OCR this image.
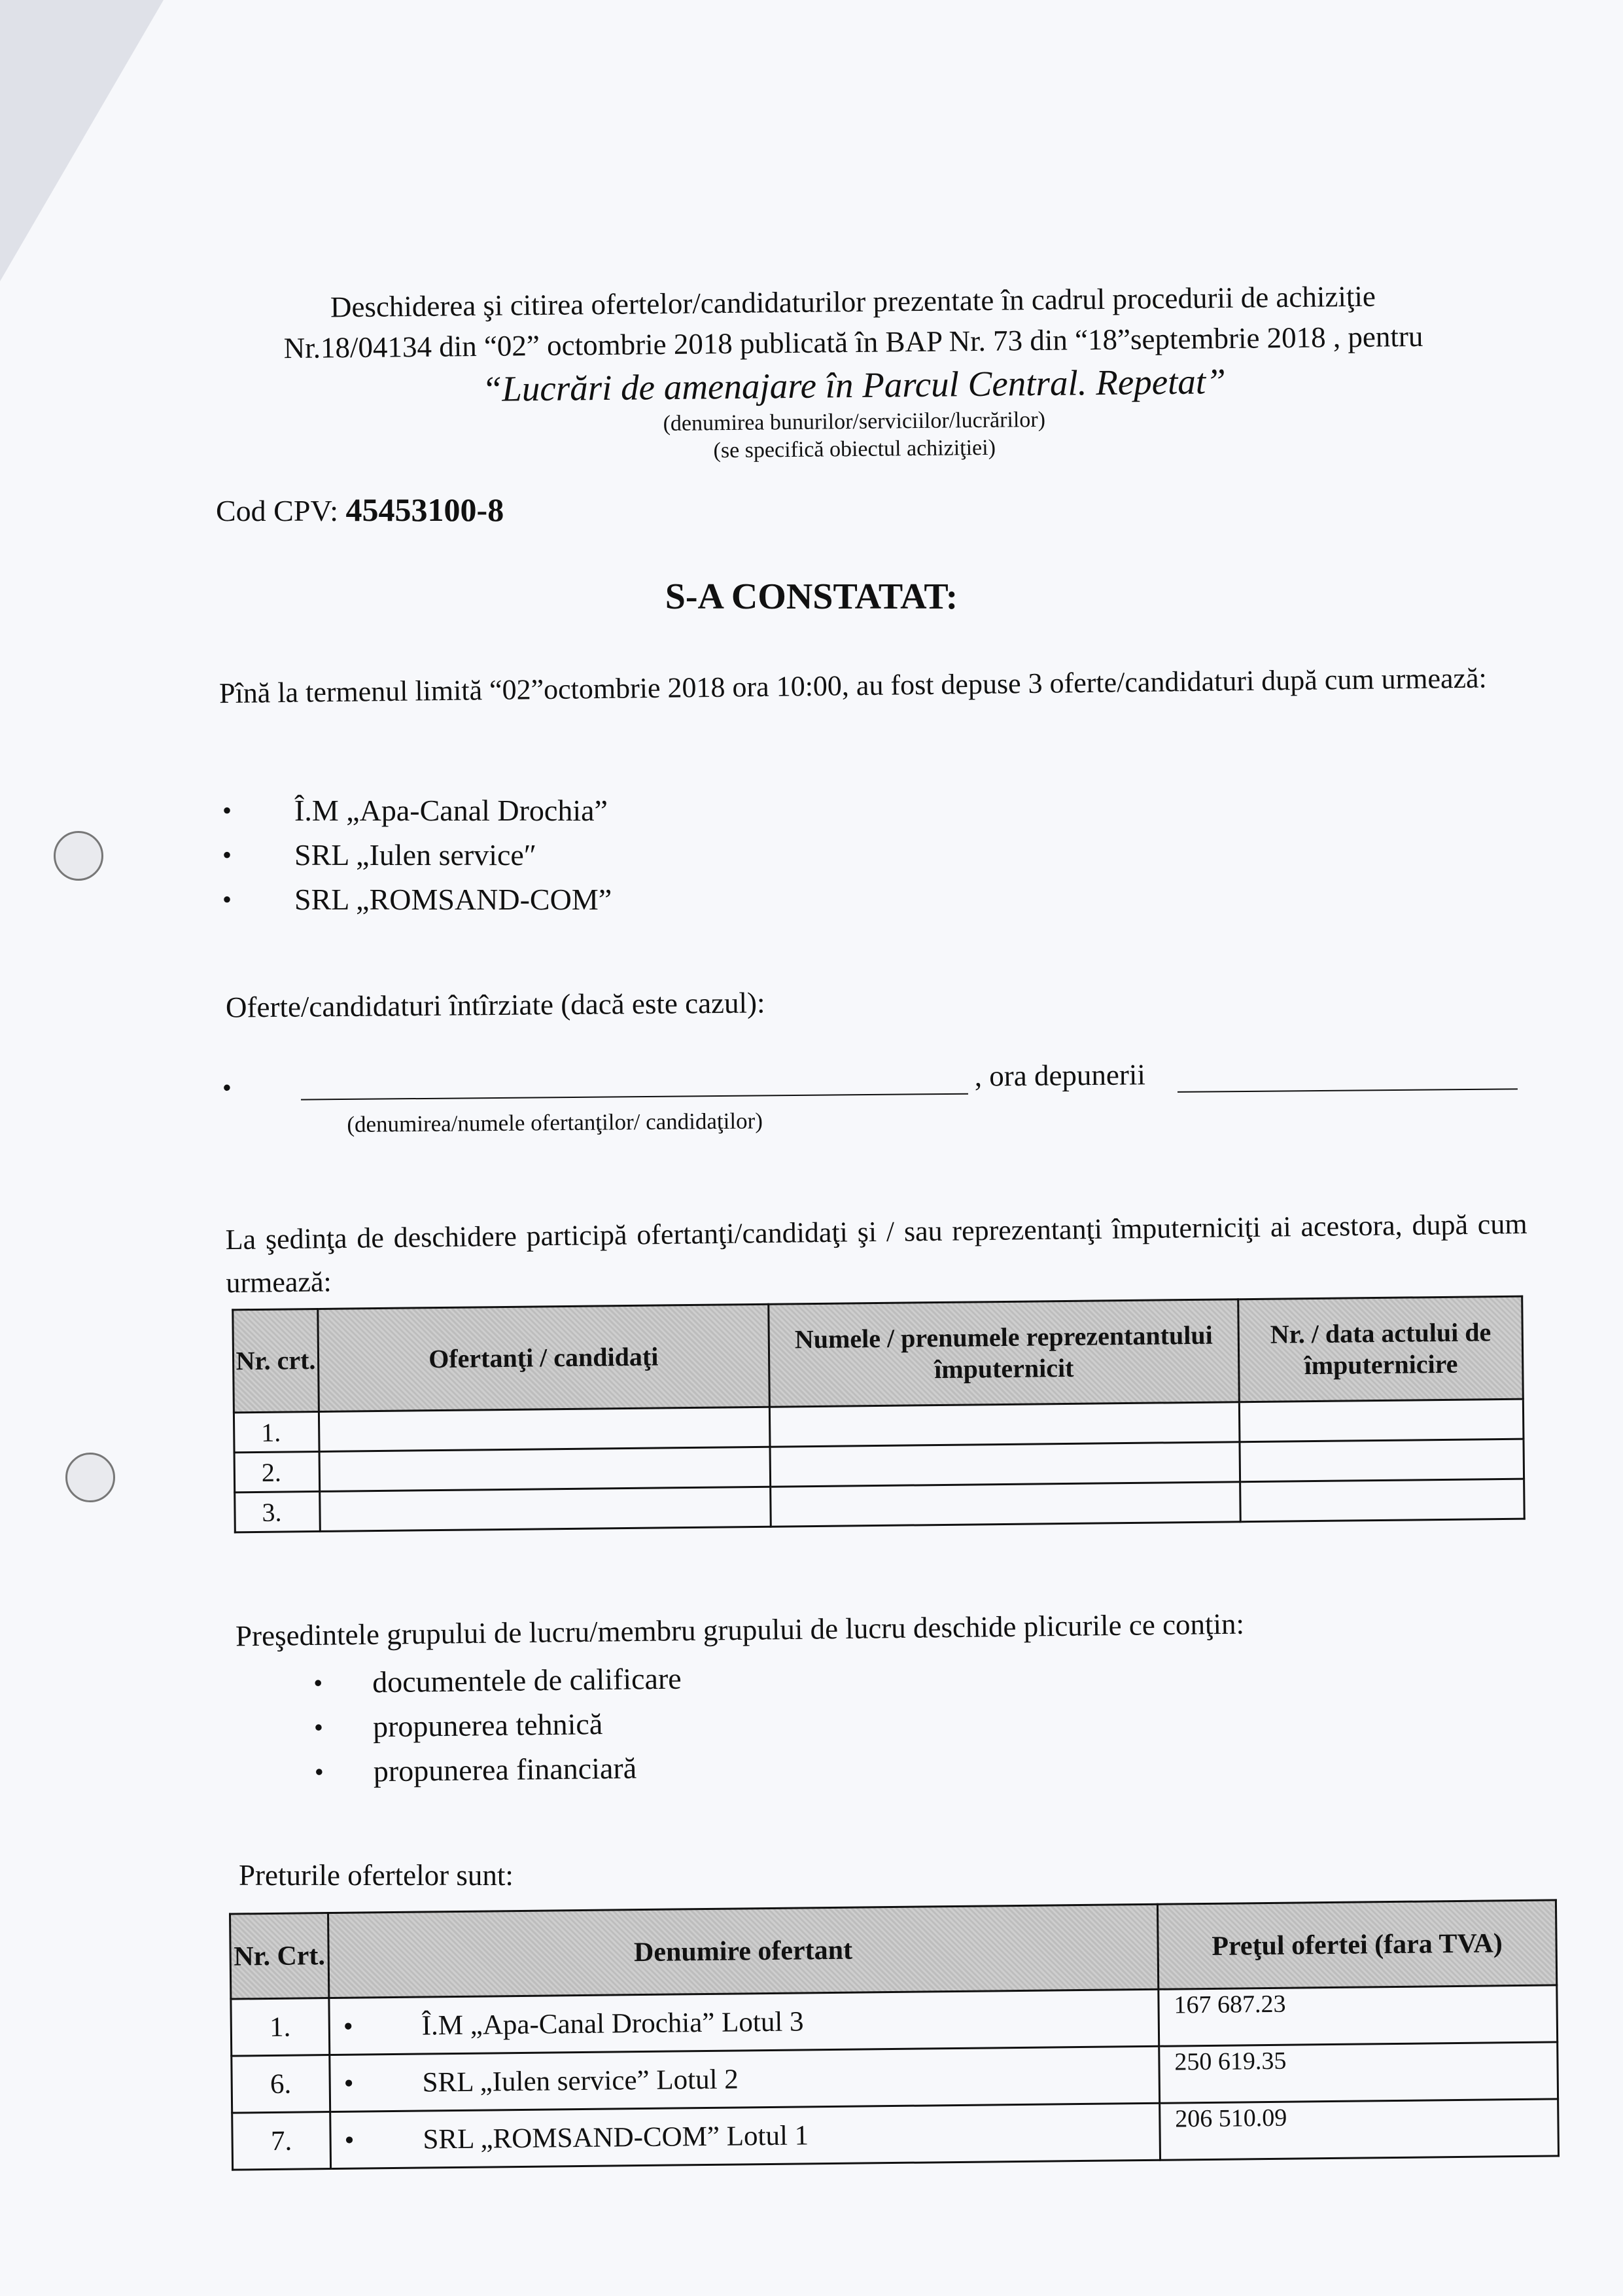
Deschiderea şi citirea ofertelor/candidaturilor prezentate în cadrul procedurii de achiziţie
Nr.18/04134 din “02” octombrie 2018 publicată în BAP Nr. 73 din “18”septembrie 2018 , pentru
“Lucrări de amenajare în Parcul Central. Repetat”
(denumirea bunurilor/serviciilor/lucrărilor)
(se specifică obiectul achiziţiei)
Cod CPV: 45453100-8
S-A CONSTATAT:
Pînă la termenul limită “02”octombrie 2018 ora 10:00, au fost depuse 3 oferte/candidaturi după cum urmează:
• Î.M „Apa-Canal Drochia”
• SRL „Iulen service″
• SRL „ROMSAND-COM”
Oferte/candidaturi întîrziate (dacă este cazul):
•	, ora depunerii
(denumirea/numele ofertanţilor/ candidaţilor)
La şedinţa de deschidere participă ofertanţi/candidaţi şi / sau reprezentanţi împuterniciţi ai acestora, după cum urmează:
Nr. crt.	Ofertanţi / candidaţi	Numele / prenumele reprezentantului împuternicit	Nr. / data actului de împuternicire
1.			
2.			
3.			
Preşedintele grupului de lucru/membru grupului de lucru deschide plicurile ce conţin:
• documentele de calificare
• propunerea tehnică
• propunerea financiară
Preturile ofertelor sunt:
Nr. Crt.	Denumire ofertant	Preţul ofertei (fara TVA)
1.	• Î.M „Apa-Canal Drochia” Lotul 3	167 687.23
6.	• SRL „Iulen service” Lotul 2	250 619.35
7.	• SRL „ROMSAND-COM” Lotul 1	206 510.09
